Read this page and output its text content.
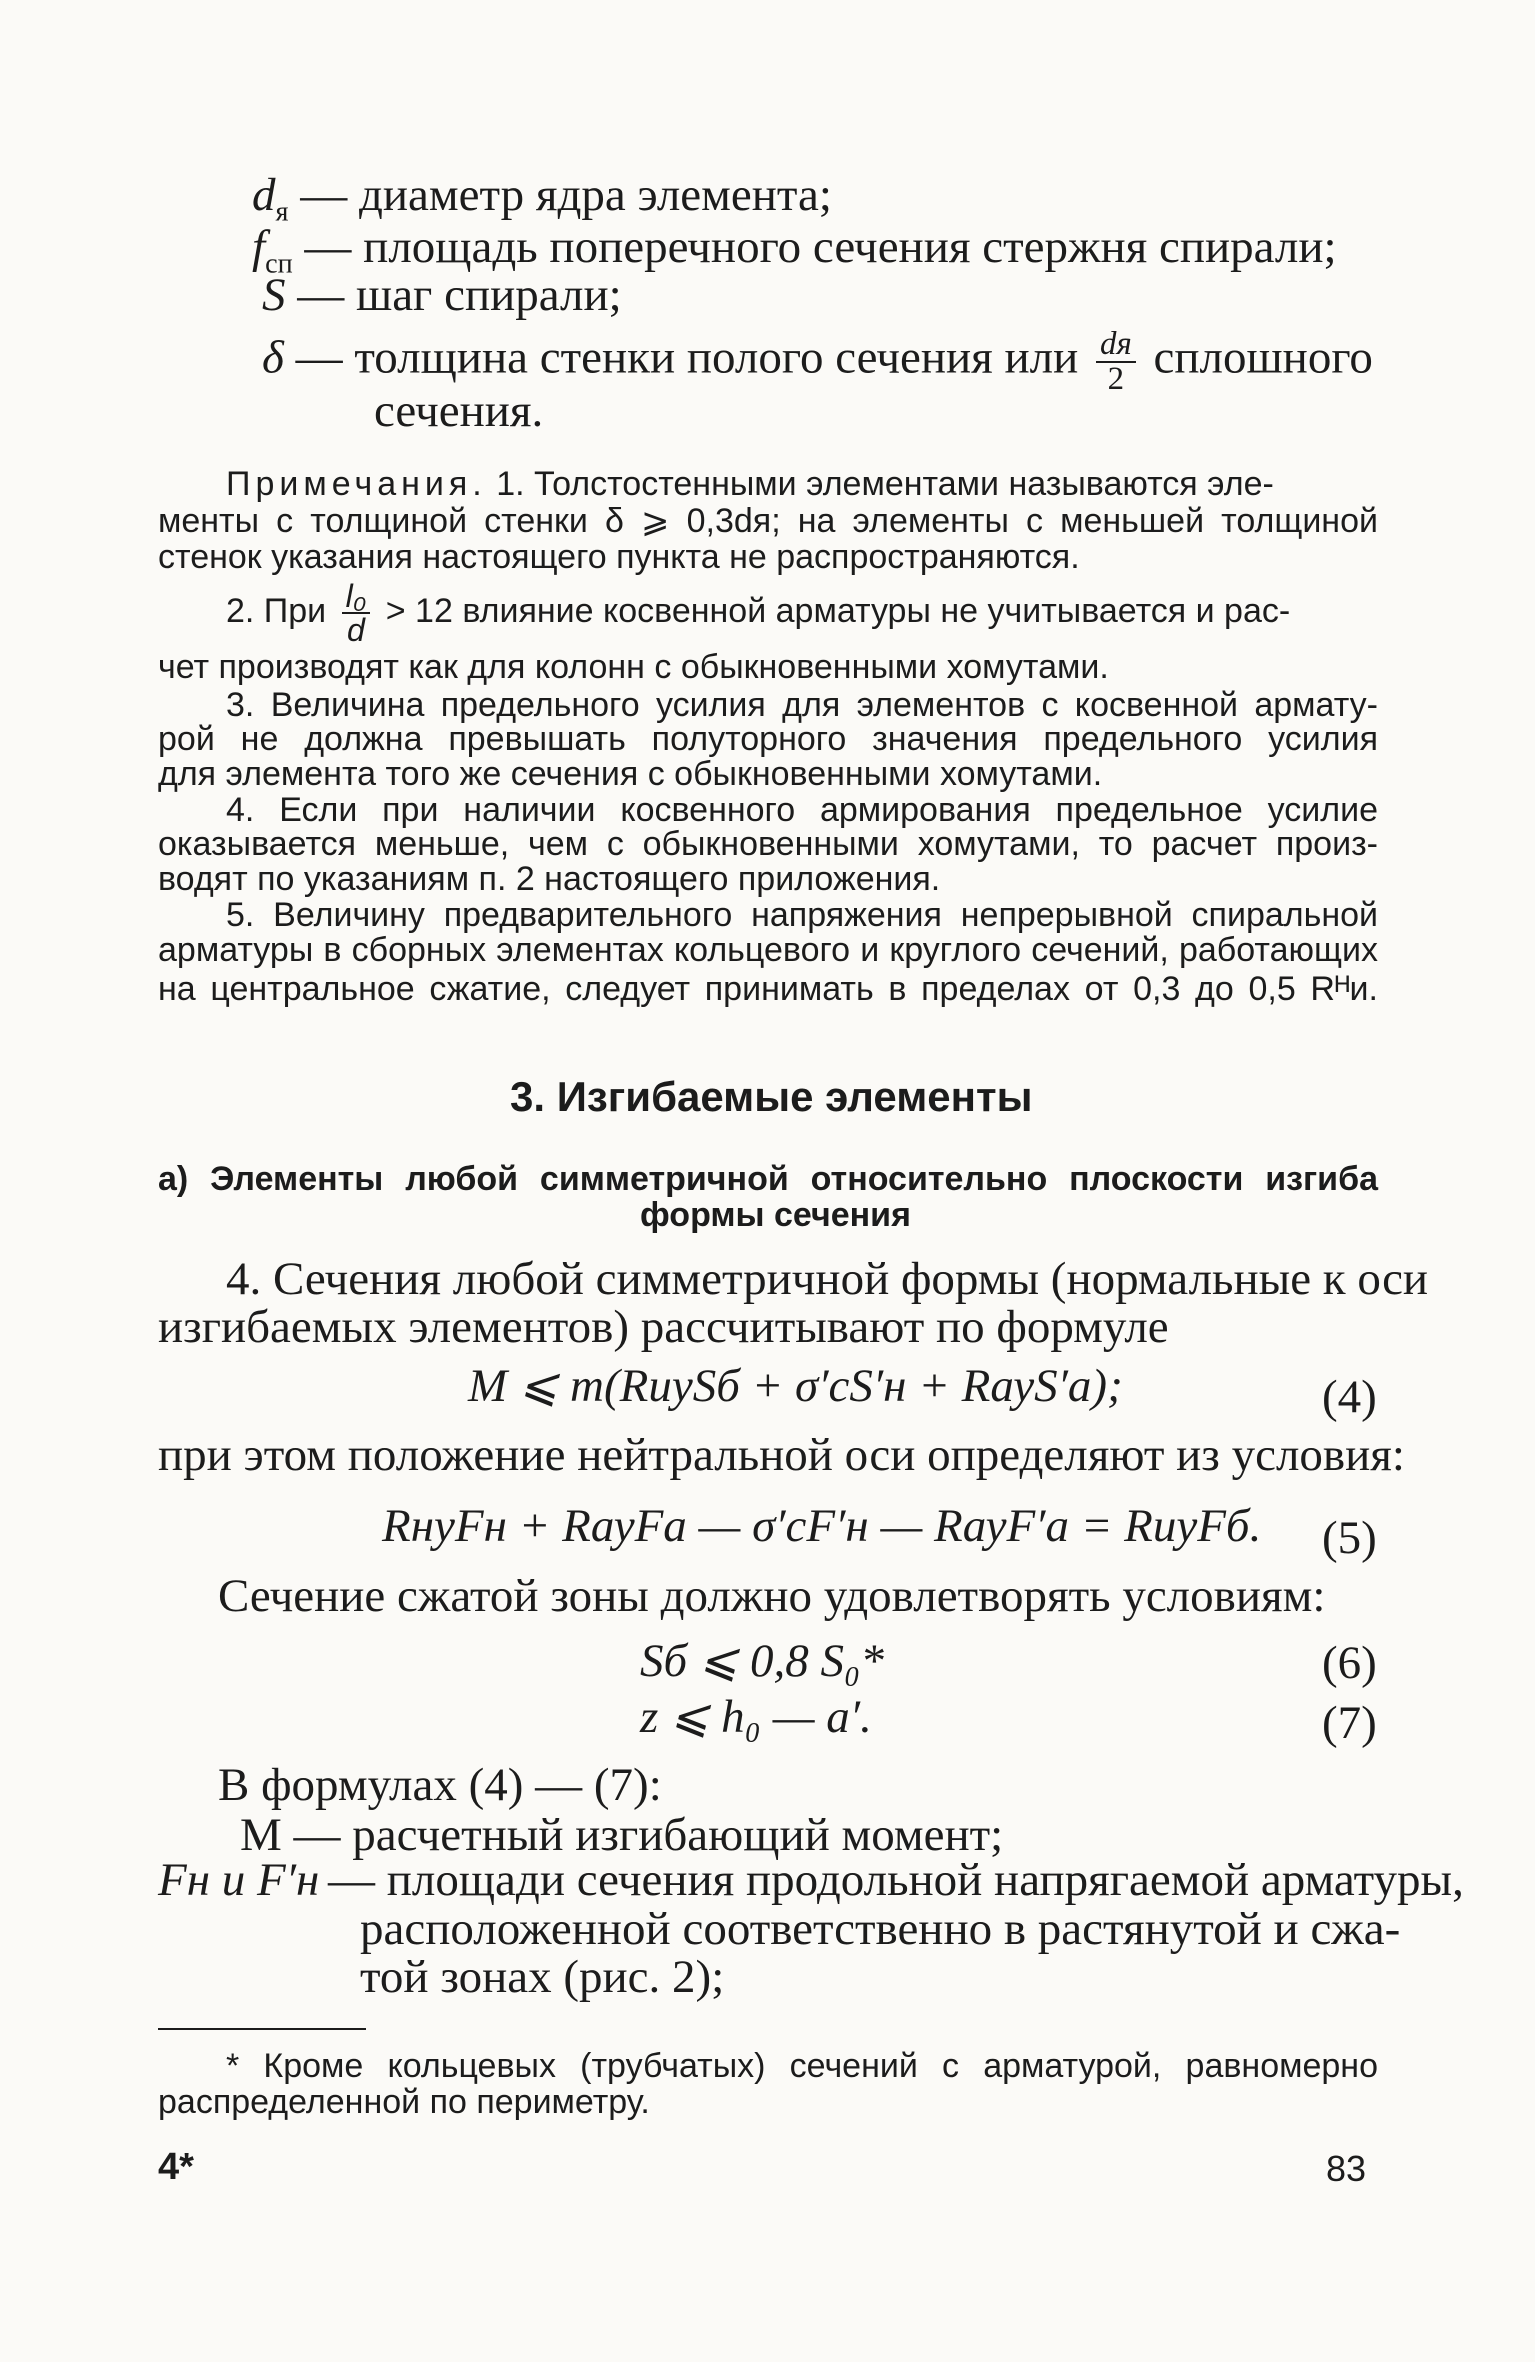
$d_я$ — диаметр ядра элемента;
$f_{сп}$ — площадь поперечного сечения стержня спирали;
S — шаг спирали;
δ — толщина стенки полого сечения или $\frac{dя}{2}$ сплошного
сечения.
Примечания. 1. Толстостенными элементами называются эле-
менты с толщиной стенки δ ⩾ 0,3dя; на элементы с меньшей толщиной
стенок указания настоящего пункта не распространяются.
2. При $\frac{\text{l₀}}{d} > 12$ влияние косвенной арматуры не учитывается и рас-
чет производят как для колонн с обыкновенными хомутами.
3. Величина предельного усилия для элементов с косвенной армату-
рой не должна превышать полуторного значения предельного усилия
для элемента того же сечения с обыкновенными хомутами.
4. Если при наличии косвенного армирования предельное усилие
оказывается меньше, чем с обыкновенными хомутами, то расчет произ-
водят по указаниям п. 2 настоящего приложения.
5. Величину предварительного напряжения непрерывной спиральной
арматуры в сборных элементах кольцевого и круглого сечений, работающих
на центральное сжатие, следует принимать в пределах от 0,3 до 0,5 Rᴴи.
3. Изгибаемые элементы
а) Элементы любой симметричной относительно плоскости изгиба
формы сечения
4. Сечения любой симметричной формы (нормальные к оси
изгибаемых элементов) рассчитывают по формуле
M ⩽ m(RиуSб + σ′сS′н + RауS′а);	(4)
при этом положение нейтральной оси определяют из условия:
RнуFн + RауFа — σ′сF′н — RауF′а = RиуFб. (5)
Сечение сжатой зоны должно удовлетворять условиям:
Sб ⩽ 0,8 S₀*	(6)
z ⩽ h₀ — a′.	(7)
В формулах (4) — (7):
M — расчетный изгибающий момент;
Fн и F′н — площади сечения продольной напрягаемой арматуры,
расположенной соответственно в растянутой и сжа-
той зонах (рис. 2);
* Кроме кольцевых (трубчатых) сечений с арматурой, равномерно
распределенной по периметру.
4*	83
